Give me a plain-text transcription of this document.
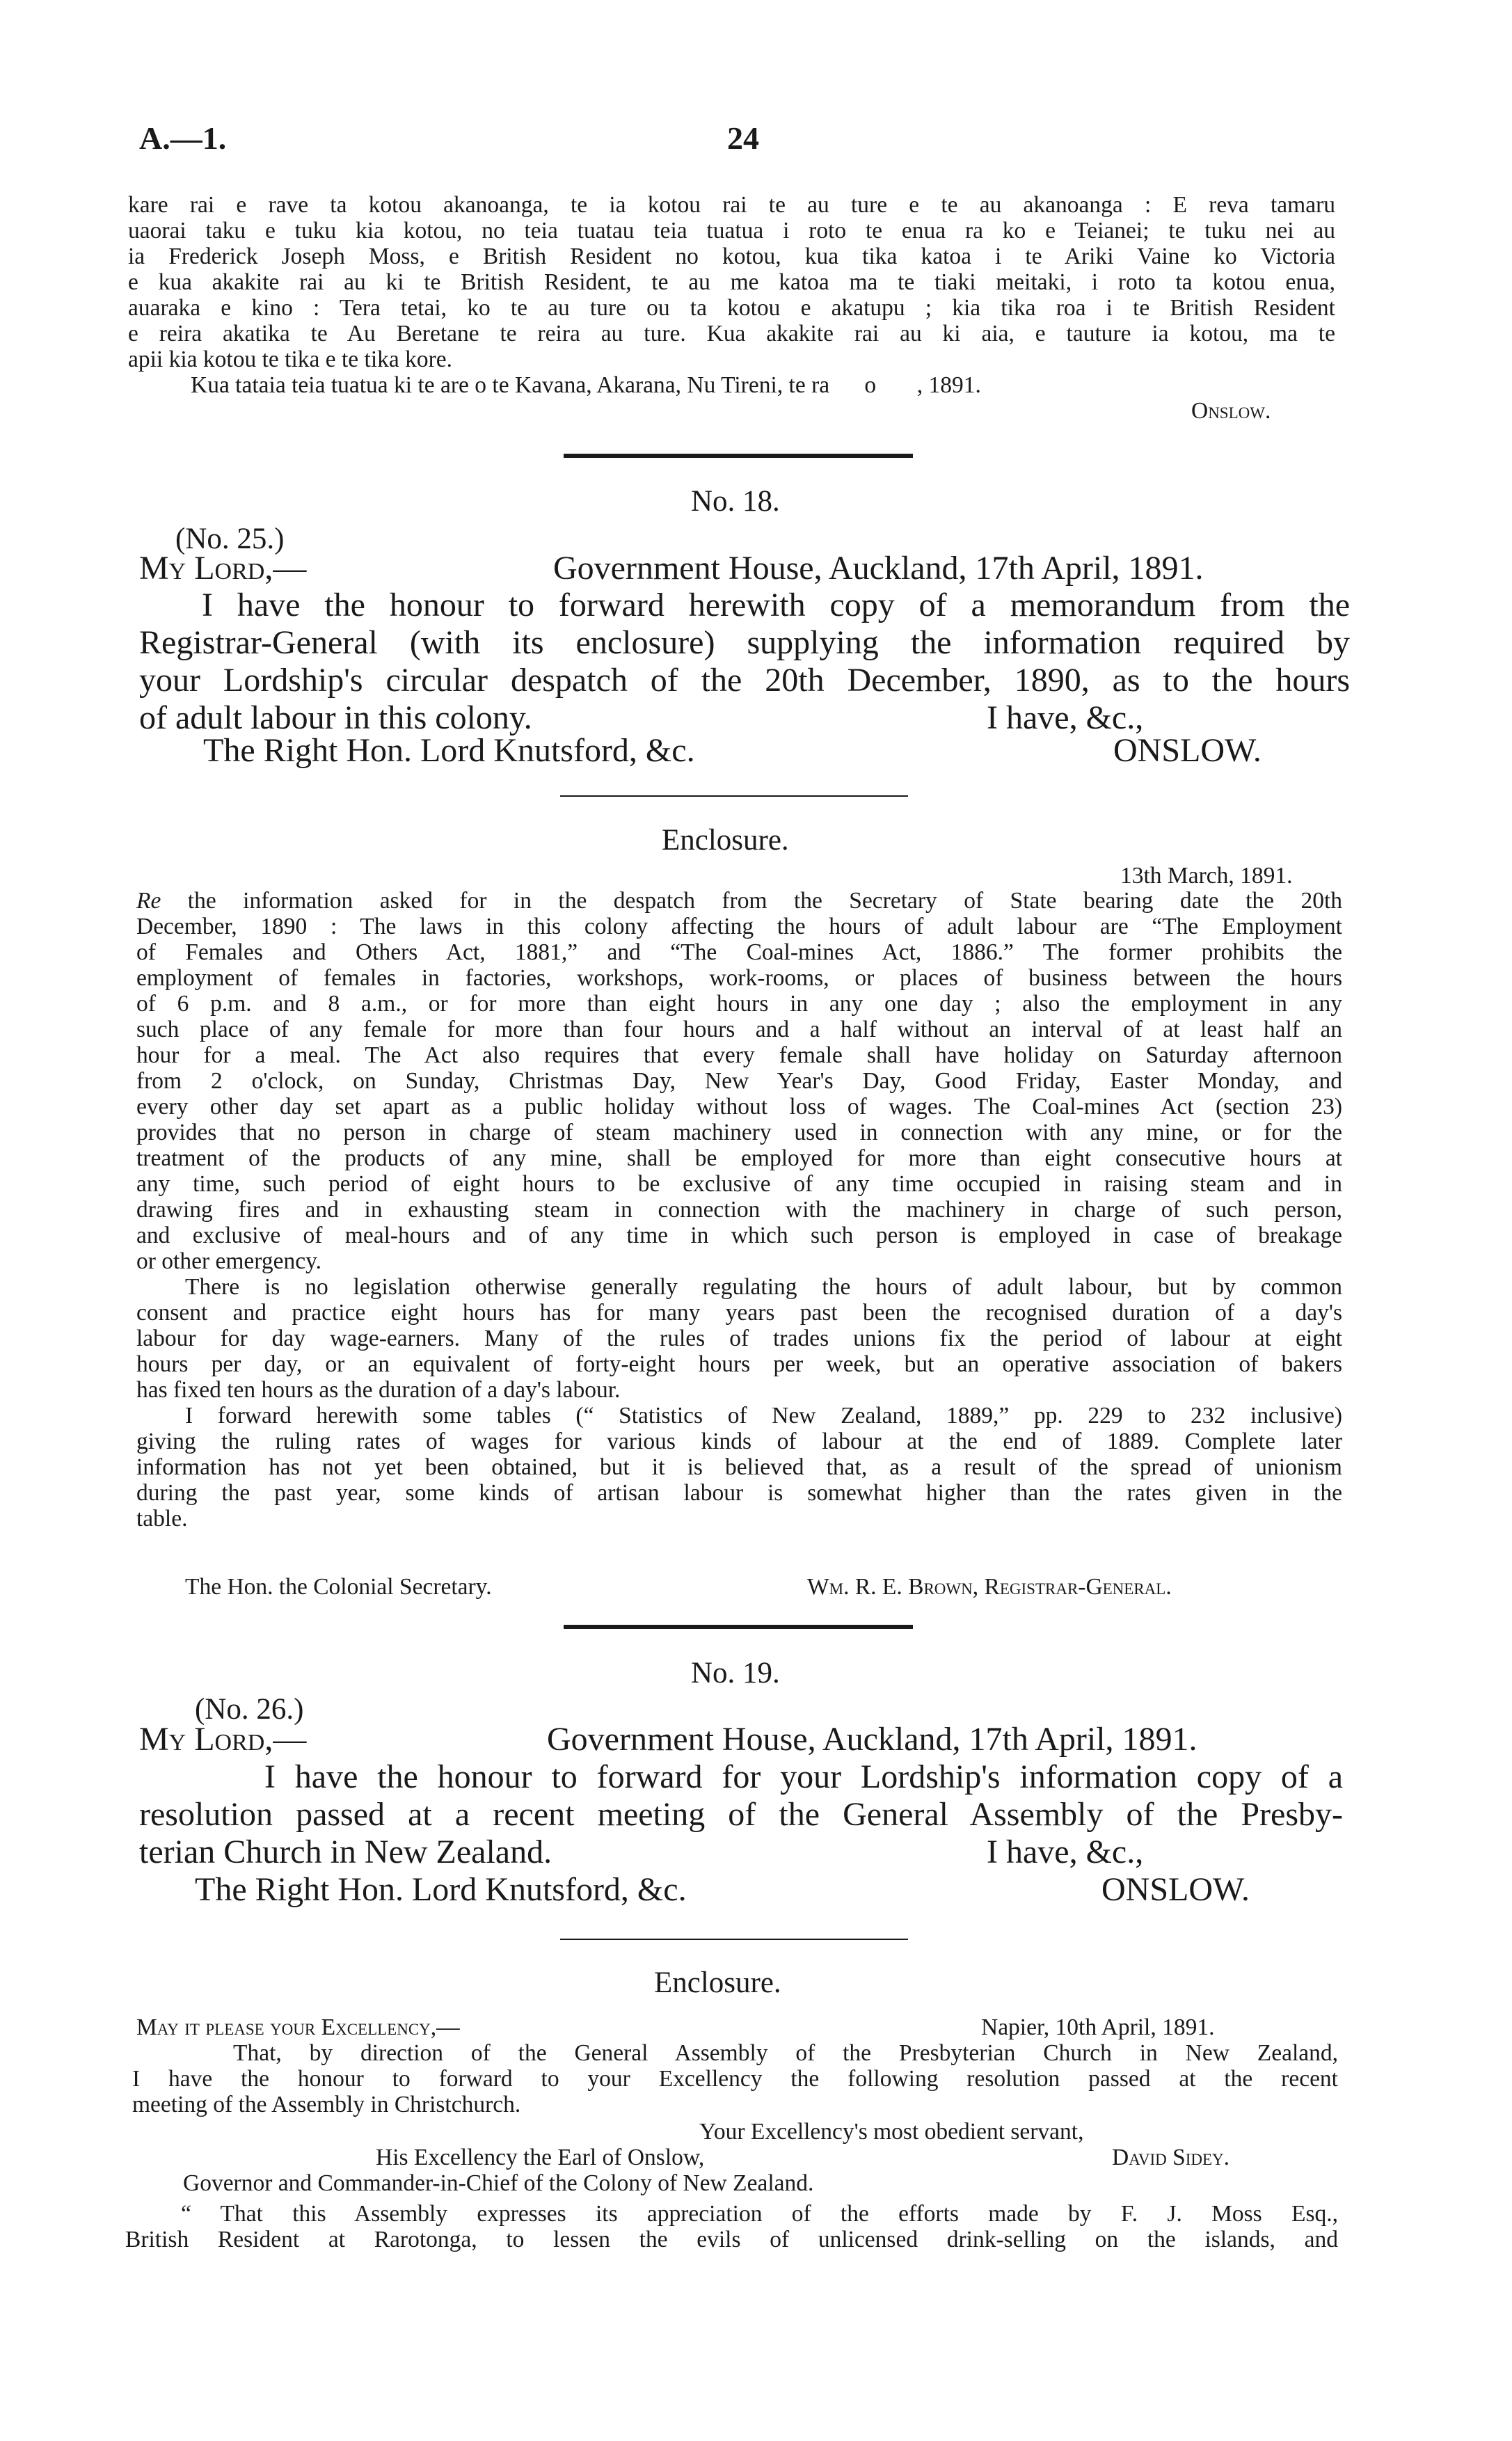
A.—1.	24

kare rai e rave ta kotou akanoanga, te ia kotou rai te au ture e te au akanoanga : E reva tamaru

uaorai taku e tuku kia kotou, no teia tuatau teia tuatua i roto te enua ra ko e Teianei; te tuku nei au

ia Frederick Joseph Moss, e British Resident no kotou, kua tika katoa i te Ariki Vaine ko Victoria

e kua akakite rai au ki te British Resident, te au me katoa ma te tiaki meitaki, i roto ta kotou enua,

auaraka e kino : Tera tetai, ko te au ture ou ta kotou e akatupu ; kia tika roa i te British Resident

e reira akatika te Au Beretane te reira au ture. Kua akakite rai au ki aia, e tauture ia kotou, ma te

apii kia kotou te tika e te tika kore.

Kua tataia teia tuatua ki te are o te Kavana, Akarana, Nu Tireni, te ra      o       , 1891.
Onslow.
No. 18.
(No. 25.)
My Lord,—	Government House, Auckland, 17th April, 1891.

I have the honour to forward herewith copy of a memorandum from the

Registrar-General (with its enclosure) supplying the information required by

your Lordship's circular despatch of the 20th December, 1890, as to the hours

of adult labour in this colony.	I have, &c.,
The Right Hon. Lord Knutsford, &c.	ONSLOW.
Enclosure.
13th March, 1891.

Re the information asked for in the despatch from the Secretary of State bearing date the 20th

December, 1890 : The laws in this colony affecting the hours of adult labour are “The Employment

of Females and Others Act, 1881,” and “The Coal-mines Act, 1886.” The former prohibits the

employment of females in factories, workshops, work-rooms, or places of business between the hours

of 6 p.m. and 8 a.m., or for more than eight hours in any one day ; also the employment in any

such place of any female for more than four hours and a half without an interval of at least half an

hour for a meal. The Act also requires that every female shall have holiday on Saturday afternoon

from 2 o'clock, on Sunday, Christmas Day, New Year's Day, Good Friday, Easter Monday, and

every other day set apart as a public holiday without loss of wages. The Coal-mines Act (section 23)

provides that no person in charge of steam machinery used in connection with any mine, or for the

treatment of the products of any mine, shall be employed for more than eight consecutive hours at

any time, such period of eight hours to be exclusive of any time occupied in raising steam and in

drawing fires and in exhausting steam in connection with the machinery in charge of such person,

and exclusive of meal-hours and of any time in which such person is employed in case of breakage

or other emergency.

There is no legislation otherwise generally regulating the hours of adult labour, but by common

consent and practice eight hours has for many years past been the recognised duration of a day's

labour for day wage-earners. Many of the rules of trades unions fix the period of labour at eight

hours per day, or an equivalent of forty-eight hours per week, but an operative association of bakers

has fixed ten hours as the duration of a day's labour.

I forward herewith some tables (“ Statistics of New Zealand, 1889,” pp. 229 to 232 inclusive)

giving the ruling rates of wages for various kinds of labour at the end of 1889. Complete later

information has not yet been obtained, but it is believed that, as a result of the spread of unionism

during the past year, some kinds of artisan labour is somewhat higher than the rates given in the

table.

The Hon. the Colonial Secretary.	Wm. R. E. Brown, Registrar-General.
No. 19.
(No. 26.)
My Lord,—	Government House, Auckland, 17th April, 1891.

I have the honour to forward for your Lordship's information copy of a

resolution passed at a recent meeting of the General Assembly of the Presby-

terian Church in New Zealand.	I have, &c.,
The Right Hon. Lord Knutsford, &c.	ONSLOW.
Enclosure.
May it please your Excellency,—	Napier, 10th April, 1891.

That, by direction of the General Assembly of the Presbyterian Church in New Zealand,

I have the honour to forward to your Excellency the following resolution passed at the recent

meeting of the Assembly in Christchurch.

Your Excellency's most obedient servant,
His Excellency the Earl of Onslow,	David Sidey.
Governor and Commander-in-Chief of the Colony of New Zealand.

“ That this Assembly expresses its appreciation of the efforts made by F. J. Moss Esq.,

British Resident at Rarotonga, to lessen the evils of unlicensed drink-selling on the islands, and
